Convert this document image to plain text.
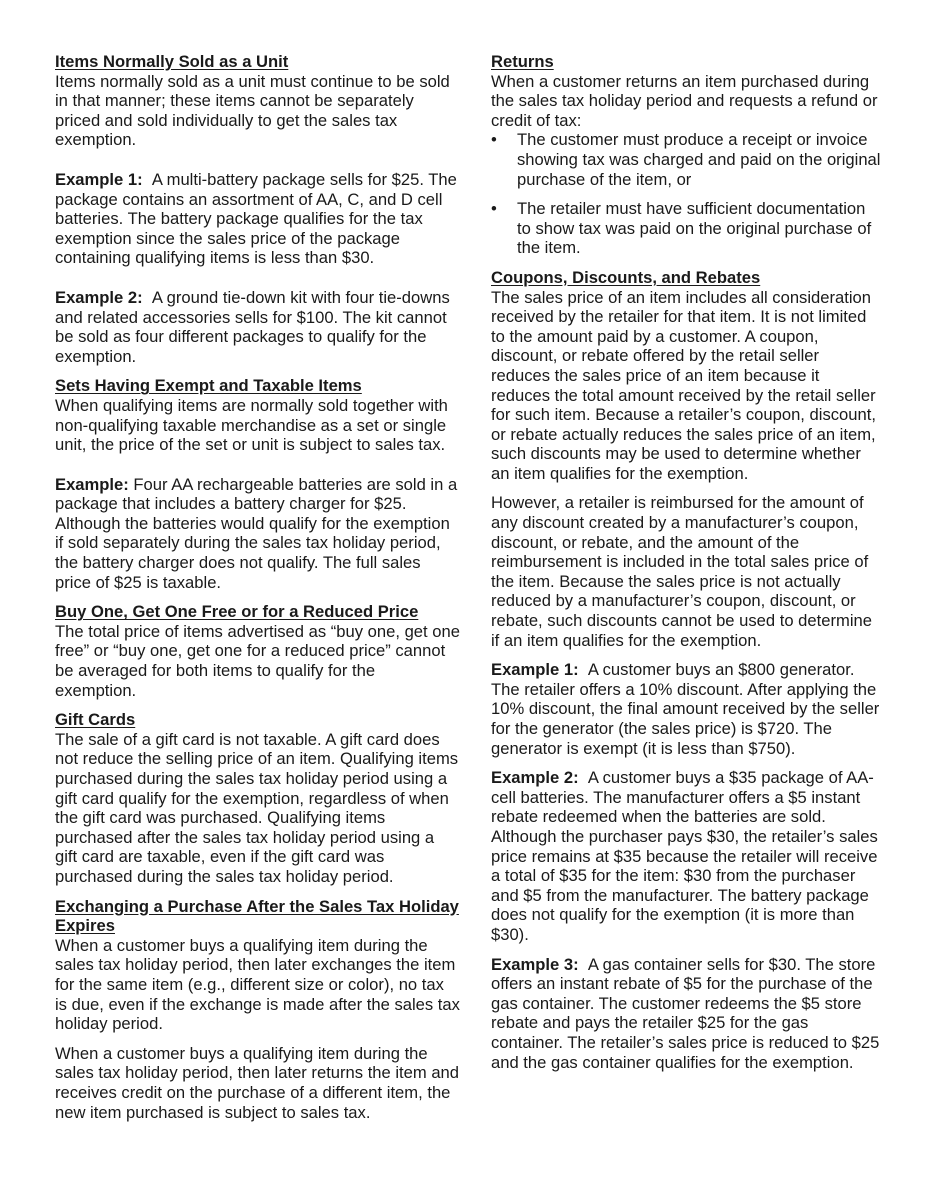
Items Normally Sold as a Unit

Items normally sold as a unit must continue to be sold in that manner; these items cannot be separately priced and sold individually to get the sales tax exemption.

Example 1: A multi-battery package sells for $25. The package contains an assortment of AA, C, and D cell batteries. The battery package qualifies for the tax exemption since the sales price of the package containing qualifying items is less than $30.

Example 2: A ground tie-down kit with four tie-downs and related accessories sells for $100. The kit cannot be sold as four different packages to qualify for the exemption.

Sets Having Exempt and Taxable Items

When qualifying items are normally sold together with non-qualifying taxable merchandise as a set or single unit, the price of the set or unit is subject to sales tax.

Example: Four AA rechargeable batteries are sold in a package that includes a battery charger for $25. Although the batteries would qualify for the exemption if sold separately during the sales tax holiday period, the battery charger does not qualify. The full sales price of $25 is taxable.

Buy One, Get One Free or for a Reduced Price

The total price of items advertised as “buy one, get one free” or “buy one, get one for a reduced price” cannot be averaged for both items to qualify for the exemption.

Gift Cards

The sale of a gift card is not taxable. A gift card does not reduce the selling price of an item. Qualifying items purchased during the sales tax holiday period using a gift card qualify for the exemption, regardless of when the gift card was purchased. Qualifying items purchased after the sales tax holiday period using a gift card are taxable, even if the gift card was purchased during the sales tax holiday period.

Exchanging a Purchase After the Sales Tax Holiday Expires

When a customer buys a qualifying item during the sales tax holiday period, then later exchanges the item for the same item (e.g., different size or color), no tax is due, even if the exchange is made after the sales tax holiday period.

When a customer buys a qualifying item during the sales tax holiday period, then later returns the item and receives credit on the purchase of a different item, the new item purchased is subject to sales tax.

Returns

When a customer returns an item purchased during the sales tax holiday period and requests a refund or credit of tax:

• The customer must produce a receipt or invoice showing tax was charged and paid on the original purchase of the item, or
• The retailer must have sufficient documentation to show tax was paid on the original purchase of the item.
Coupons, Discounts, and Rebates

The sales price of an item includes all consideration received by the retailer for that item. It is not limited to the amount paid by a customer. A coupon, discount, or rebate offered by the retail seller reduces the sales price of an item because it reduces the total amount received by the retail seller for such item. Because a retailer’s coupon, discount, or rebate actually reduces the sales price of an item, such discounts may be used to determine whether an item qualifies for the exemption.

However, a retailer is reimbursed for the amount of any discount created by a manufacturer’s coupon, discount, or rebate, and the amount of the reimbursement is included in the total sales price of the item. Because the sales price is not actually reduced by a manufacturer’s coupon, discount, or rebate, such discounts cannot be used to determine if an item qualifies for the exemption.

Example 1: A customer buys an $800 generator. The retailer offers a 10% discount. After applying the 10% discount, the final amount received by the seller for the generator (the sales price) is $720. The generator is exempt (it is less than $750).

Example 2: A customer buys a $35 package of AA-cell batteries. The manufacturer offers a $5 instant rebate redeemed when the batteries are sold. Although the purchaser pays $30, the retailer’s sales price remains at $35 because the retailer will receive a total of $35 for the item: $30 from the purchaser and $5 from the manufacturer. The battery package does not qualify for the exemption (it is more than $30).

Example 3: A gas container sells for $30. The store offers an instant rebate of $5 for the purchase of the gas container. The customer redeems the $5 store rebate and pays the retailer $25 for the gas container. The retailer’s sales price is reduced to $25 and the gas container qualifies for the exemption.
